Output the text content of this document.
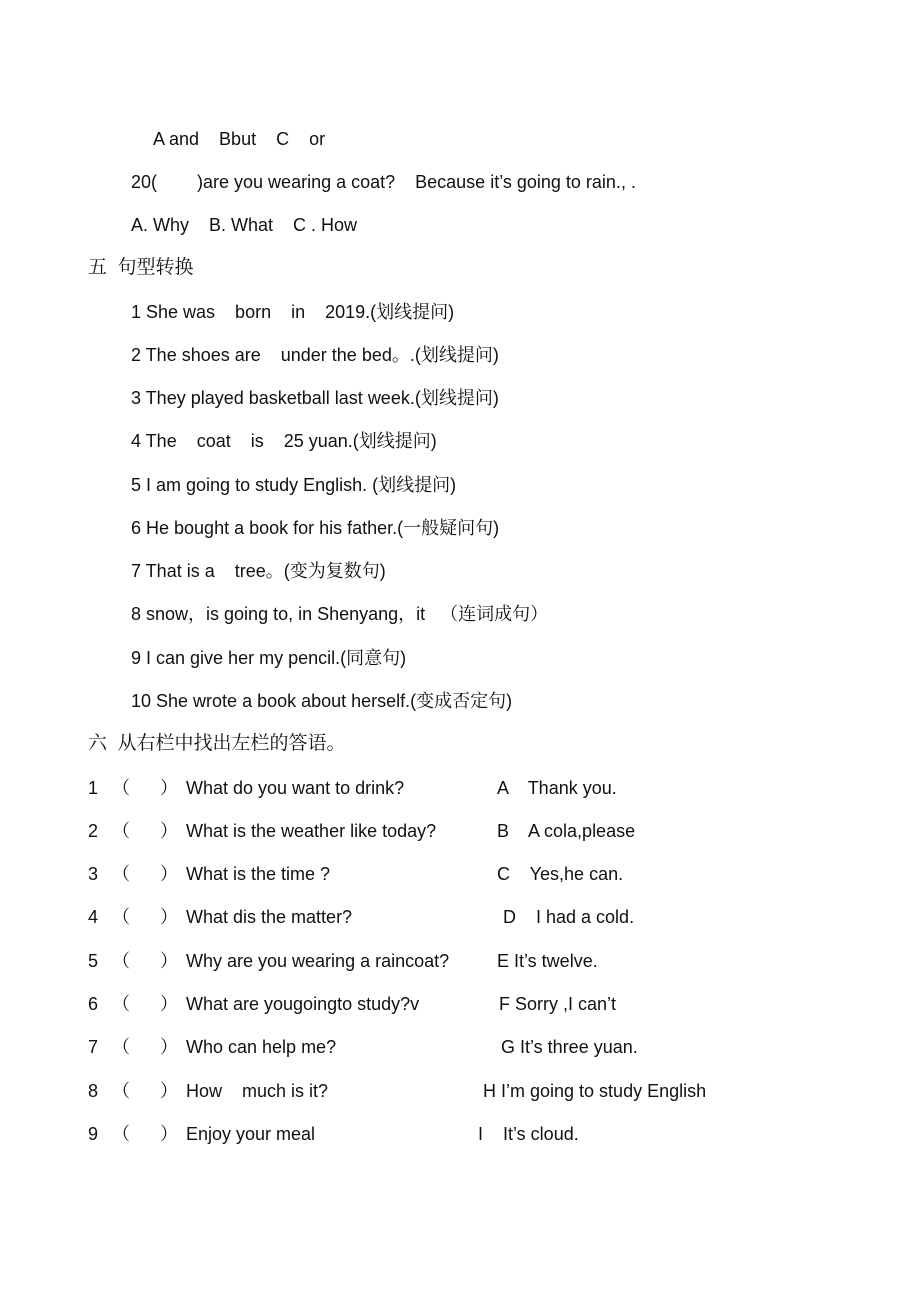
A and    Bbut    C    or
20(        )are you wearing a coat?    Because it’s going to rain., .
A. Why    B. What    C . How
五  句型转换
1 She was    born    in    2019.(划线提问)
2 The shoes are    under the bed。.(划线提问)
3 They played basketball last week.(划线提问)
4 The    coat    is    25 yuan.(划线提问)
5 I am going to study English. (划线提问)
6 He bought a book for his father.(一般疑问句)
7 That is a    tree。(变为复数句)
8 snow，is going to, in Shenyang，it   （连词成句）
9 I can give her my pencil.(同意句)
10 She wrote a book about herself.(变成否定句)
六  从右栏中找出左栏的答语。
1 （      ） What do you want to drink?	A    Thank you.
2 （      ） What is the weather like today?	B    A cola,please
3 （      ） What is the time ?	C    Yes,he can.
4 （      ） What dis the matter?	D    I had a cold.
5 （      ） Why are you wearing a raincoat?	E It’s twelve.
6 （      ） What are yougoingto study?v	F Sorry ,I can’t
7 （      ） Who can help me?	G It’s three yuan.
8 （      ） How    much is it?	H I’m going to study English
9 （      ） Enjoy your meal	I    It’s cloud.
